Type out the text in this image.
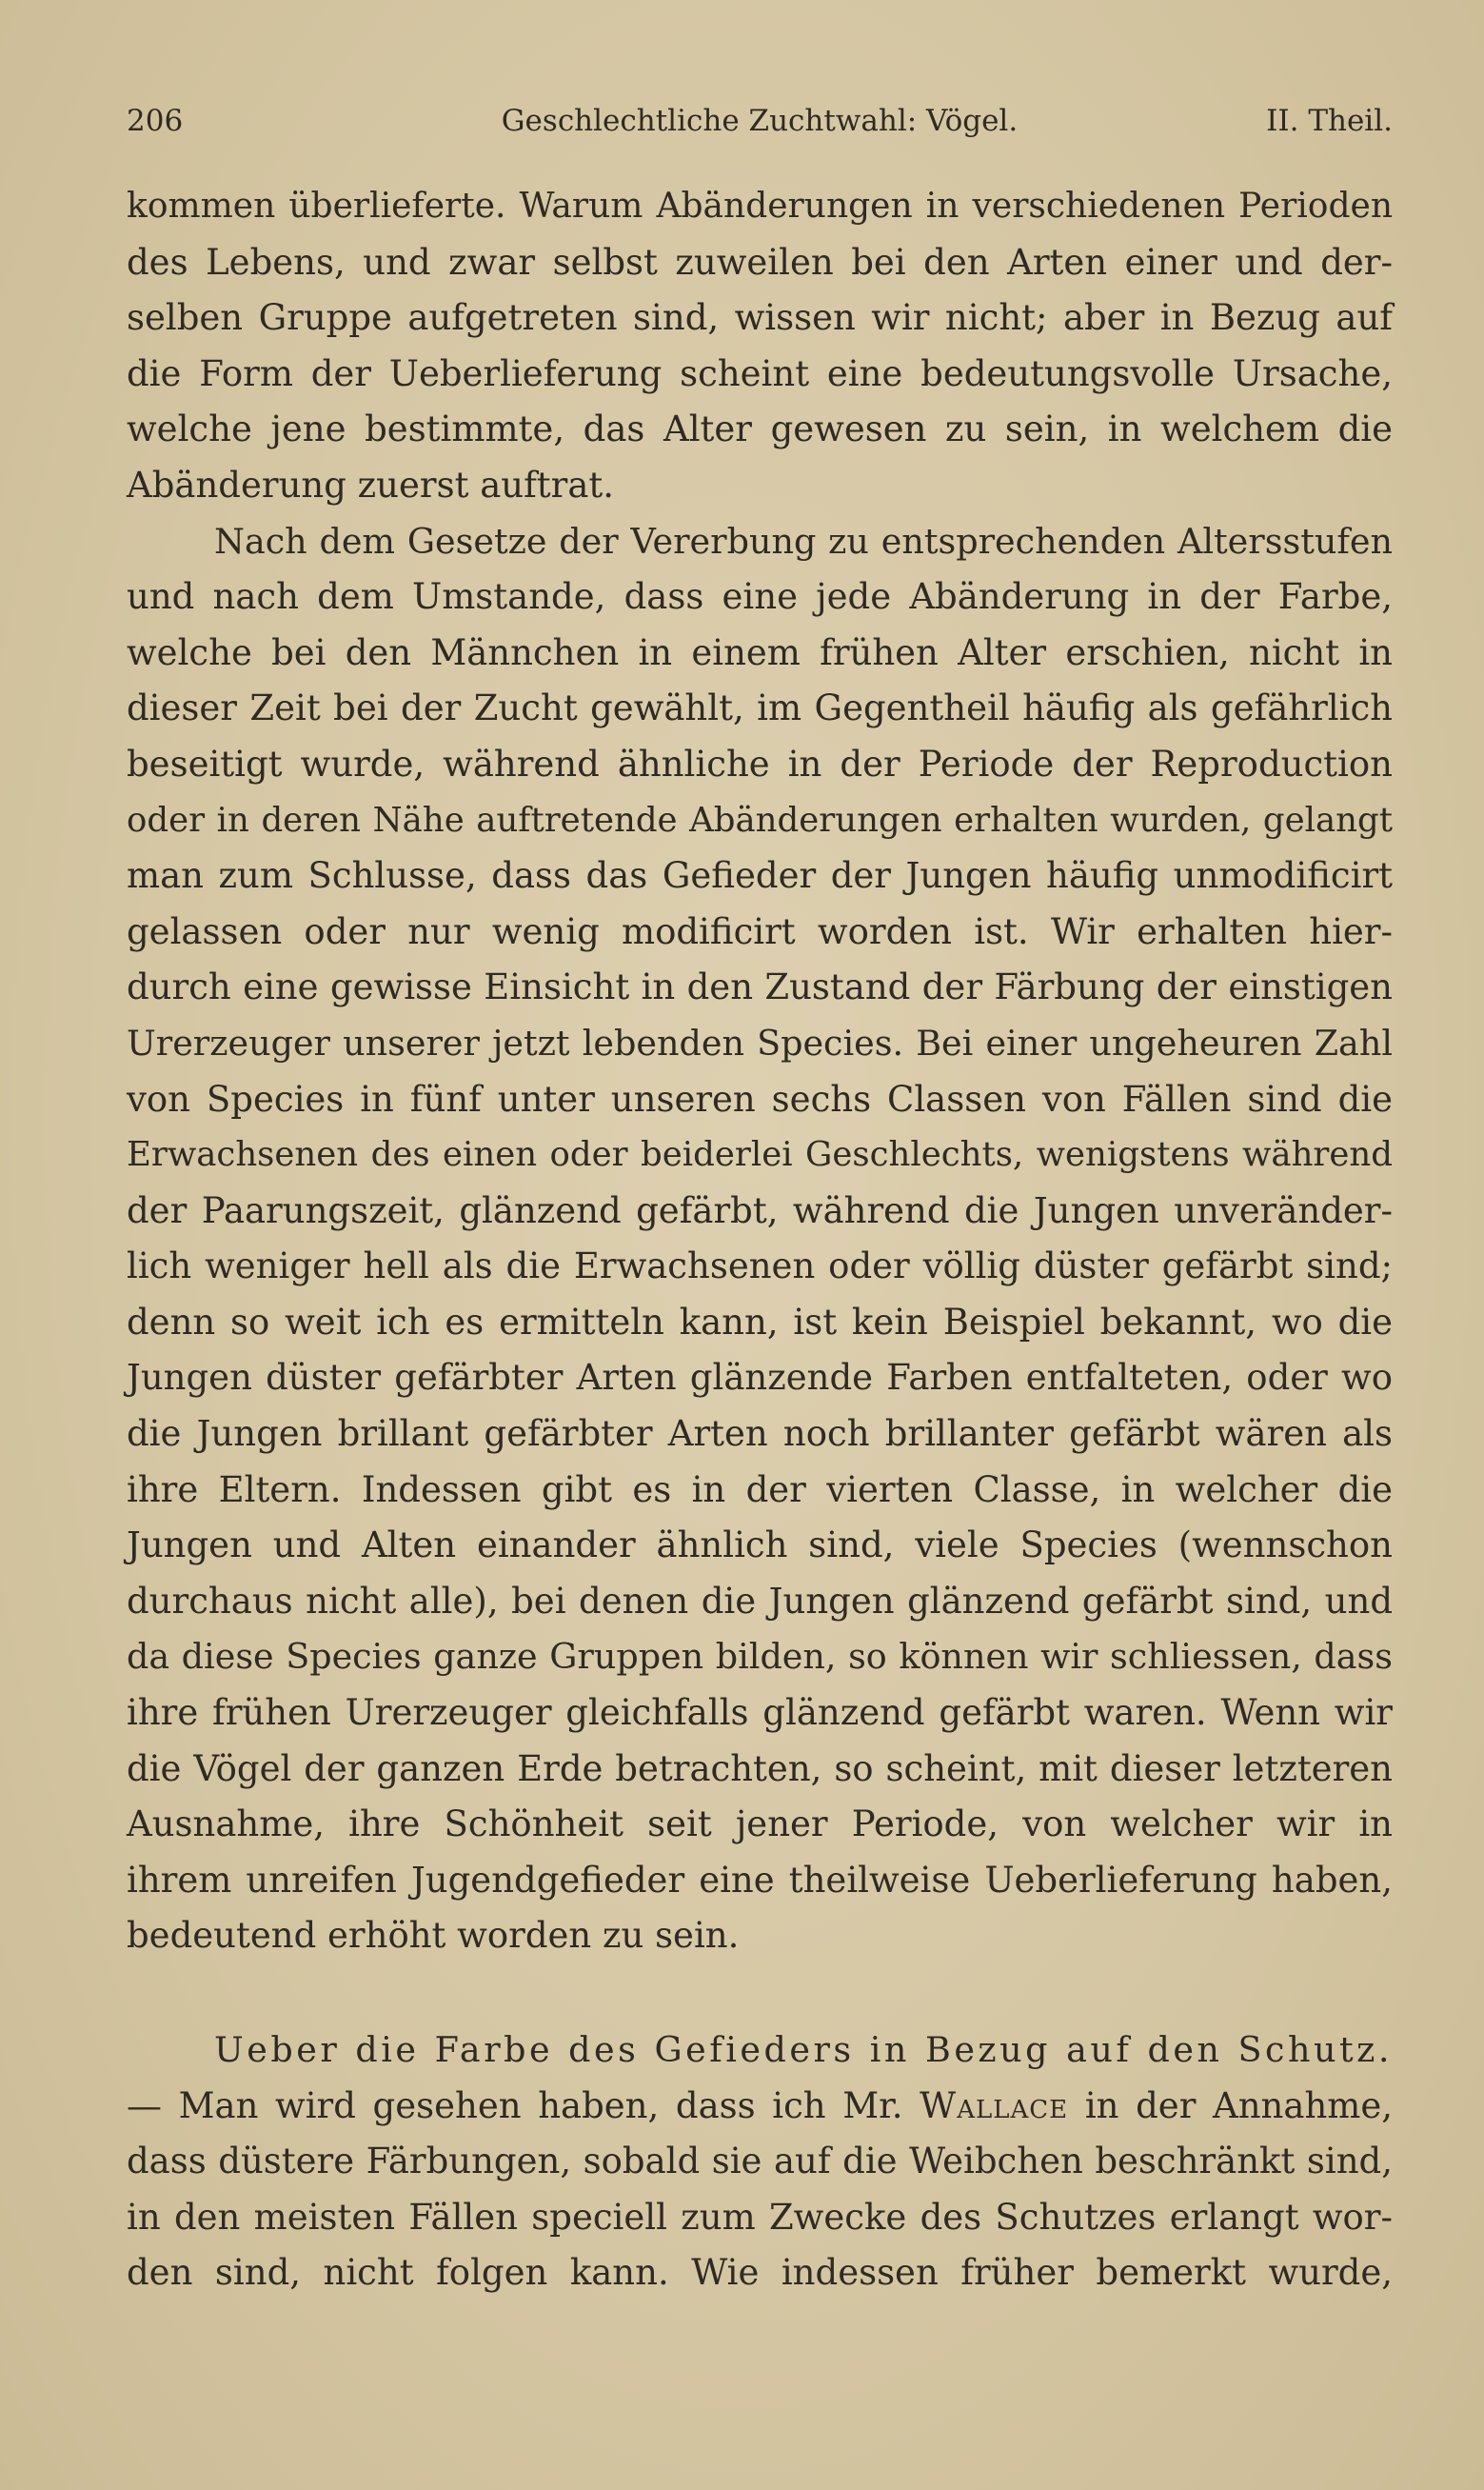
206	Geschlechtliche Zuchtwahl: Vögel.	II. Theil.
kommen überlieferte. Warum Abänderungen in verschiedenen Perioden
des Lebens, und zwar selbst zuweilen bei den Arten einer und der-
selben Gruppe aufgetreten sind, wissen wir nicht; aber in Bezug auf
die Form der Ueberlieferung scheint eine bedeutungsvolle Ursache,
welche jene bestimmte, das Alter gewesen zu sein, in welchem die
Abänderung zuerst auftrat.
Nach dem Gesetze der Vererbung zu entsprechenden Altersstufen
und nach dem Umstande, dass eine jede Abänderung in der Farbe,
welche bei den Männchen in einem frühen Alter erschien, nicht in
dieser Zeit bei der Zucht gewählt, im Gegentheil häufig als gefährlich
beseitigt wurde, während ähnliche in der Periode der Reproduction
oder in deren Nähe auftretende Abänderungen erhalten wurden, gelangt
man zum Schlusse, dass das Gefieder der Jungen häufig unmodificirt
gelassen oder nur wenig modificirt worden ist. Wir erhalten hier-
durch eine gewisse Einsicht in den Zustand der Färbung der einstigen
Urerzeuger unserer jetzt lebenden Species. Bei einer ungeheuren Zahl
von Species in fünf unter unseren sechs Classen von Fällen sind die
Erwachsenen des einen oder beiderlei Geschlechts, wenigstens während
der Paarungszeit, glänzend gefärbt, während die Jungen unveränder-
lich weniger hell als die Erwachsenen oder völlig düster gefärbt sind;
denn so weit ich es ermitteln kann, ist kein Beispiel bekannt, wo die
Jungen düster gefärbter Arten glänzende Farben entfalteten, oder wo
die Jungen brillant gefärbter Arten noch brillanter gefärbt wären als
ihre Eltern. Indessen gibt es in der vierten Classe, in welcher die
Jungen und Alten einander ähnlich sind, viele Species (wennschon
durchaus nicht alle), bei denen die Jungen glänzend gefärbt sind, und
da diese Species ganze Gruppen bilden, so können wir schliessen, dass
ihre frühen Urerzeuger gleichfalls glänzend gefärbt waren. Wenn wir
die Vögel der ganzen Erde betrachten, so scheint, mit dieser letzteren
Ausnahme, ihre Schönheit seit jener Periode, von welcher wir in
ihrem unreifen Jugendgefieder eine theilweise Ueberlieferung haben,
bedeutend erhöht worden zu sein.
Ueber die Farbe des Gefieders in Bezug auf den Schutz.
— Man wird gesehen haben, dass ich Mr. Wallace in der Annahme,
dass düstere Färbungen, sobald sie auf die Weibchen beschränkt sind,
in den meisten Fällen speciell zum Zwecke des Schutzes erlangt wor-
den sind, nicht folgen kann. Wie indessen früher bemerkt wurde,
